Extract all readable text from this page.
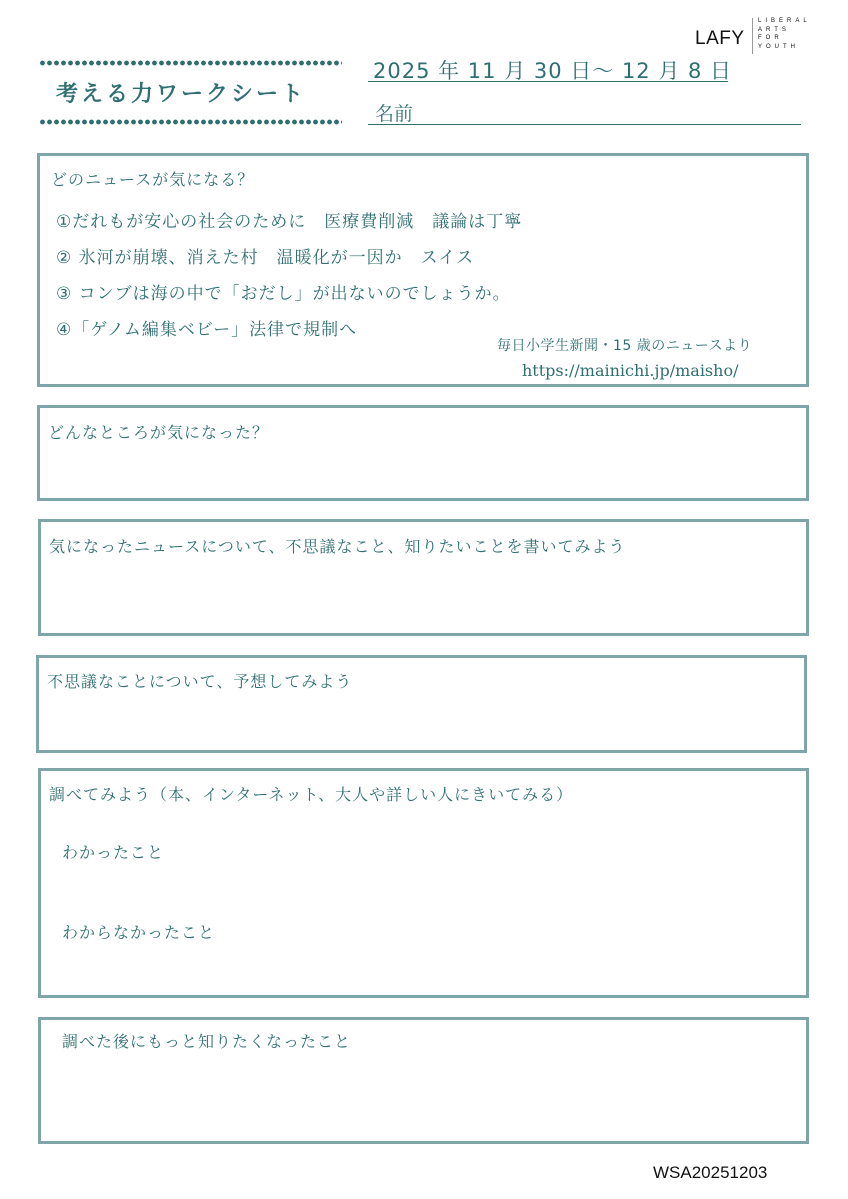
考える力ワークシート
2025 年 11 月 30 日～ 12 月 8 日
名前
LAFY
LIBERAL
ARTS
FOR
YOUTH
どのニュースが気になる？
①だれもが安心の社会のために　医療費削減　議論は丁寧
② 氷河が崩壊、消えた村　温暖化が一因か　スイス
③ コンブは海の中で「おだし」が出ないのでしょうか。
④「ゲノム編集ベビー」法律で規制へ
毎日小学生新聞・15 歳のニュースより
https://mainichi.jp/maisho/
どんなところが気になった？
気になったニュースについて、不思議なこと、知りたいことを書いてみよう
不思議なことについて、予想してみよう
調べてみよう（本、インターネット、大人や詳しい人にきいてみる）
わかったこと
わからなかったこと
調べた後にもっと知りたくなったこと
WSA20251203
